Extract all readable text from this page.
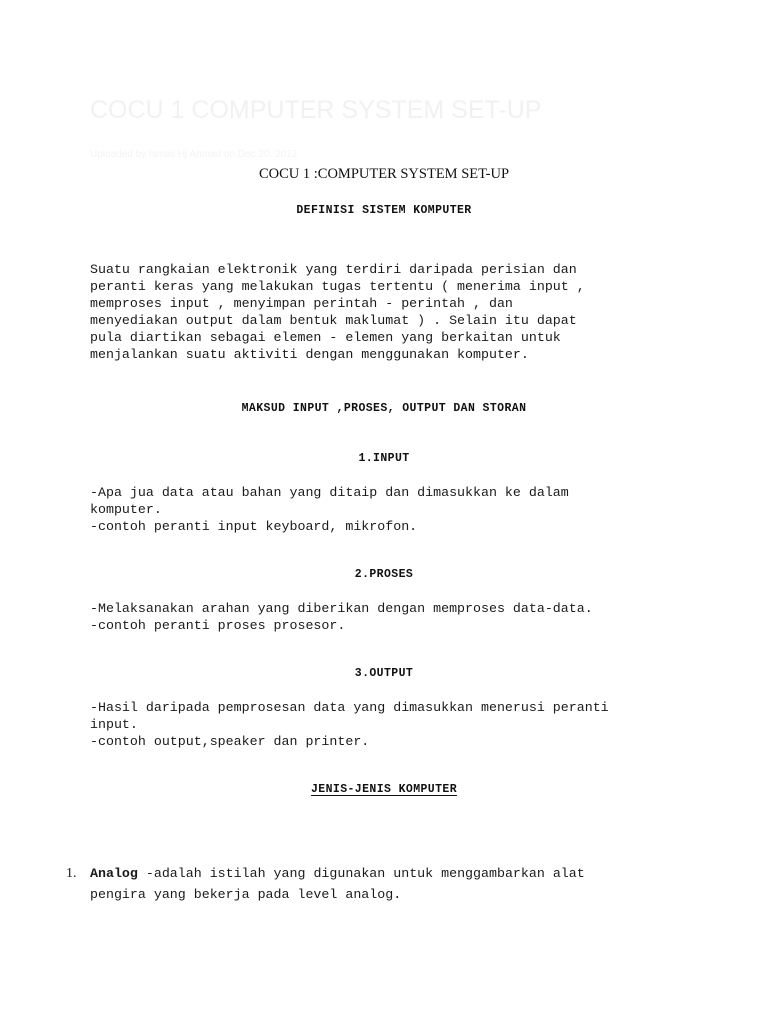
COCU 1 COMPUTER SYSTEM SET-UP
Uploaded by Ismail Hj Ahmad on Dec 20, 2012
COCU 1 :COMPUTER SYSTEM SET-UP
DEFINISI SISTEM KOMPUTER

Suatu rangkaian elektronik yang terdiri daripada perisian dan

peranti keras yang melakukan tugas tertentu ( menerima input ,

memproses input , menyimpan perintah - perintah , dan

menyediakan output dalam bentuk maklumat ) . Selain itu dapat

pula diartikan sebagai elemen - elemen yang berkaitan untuk

menjalankan suatu aktiviti dengan menggunakan komputer.

MAKSUD INPUT ,PROSES, OUTPUT DAN STORAN
1.INPUT

-Apa jua data atau bahan yang ditaip dan dimasukkan ke dalam

komputer.

-contoh peranti input keyboard, mikrofon.

2.PROSES

-Melaksanakan arahan yang diberikan dengan memproses data-data.

-contoh peranti proses prosesor.

3.OUTPUT

-Hasil daripada pemprosesan data yang dimasukkan menerusi peranti

input.

-contoh output,speaker dan printer.

JENIS-JENIS KOMPUTER
1. Analog -adalah istilah yang digunakan untuk menggambarkan alat
pengira yang bekerja pada level analog.
